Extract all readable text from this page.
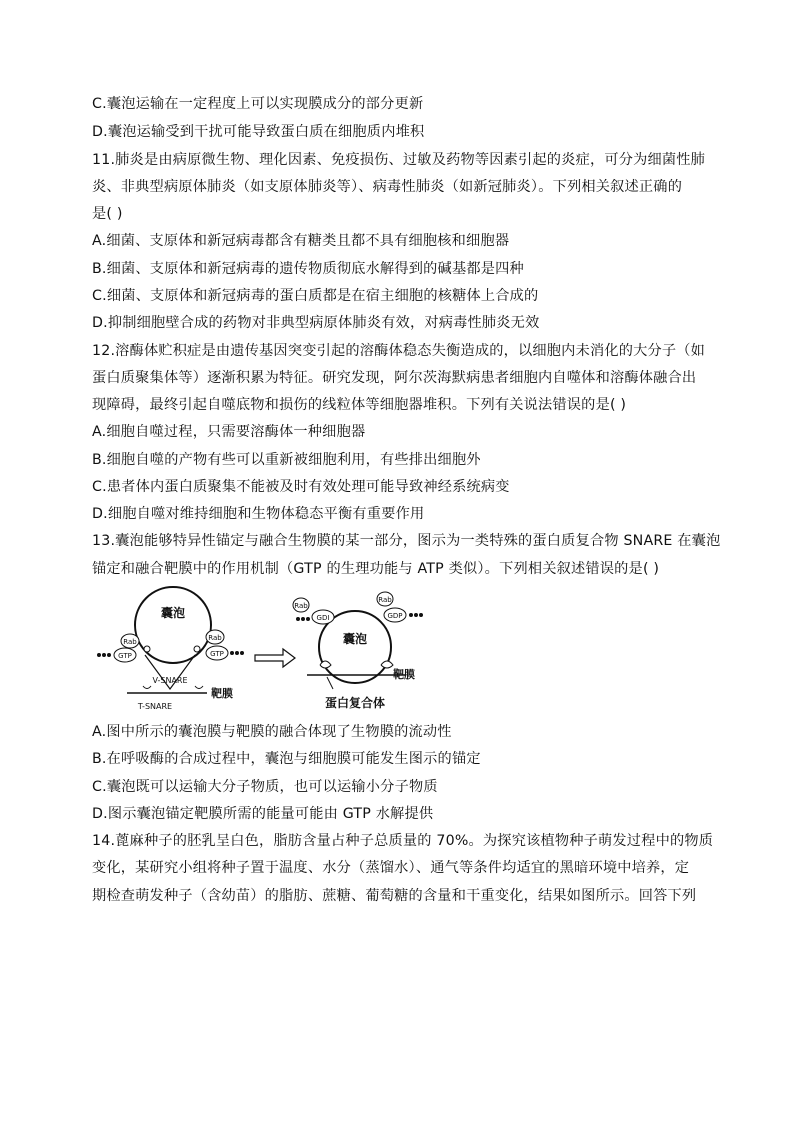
C.囊泡运输在一定程度上可以实现膜成分的部分更新
D.囊泡运输受到干扰可能导致蛋白质在细胞质内堆积
11.肺炎是由病原微生物、理化因素、免疫损伤、过敏及药物等因素引起的炎症，可分为细菌性肺
炎、非典型病原体肺炎（如支原体肺炎等）、病毒性肺炎（如新冠肺炎）。下列相关叙述正确的
是( )
A.细菌、支原体和新冠病毒都含有糖类且都不具有细胞核和细胞器
B.细菌、支原体和新冠病毒的遗传物质彻底水解得到的碱基都是四种
C.细菌、支原体和新冠病毒的蛋白质都是在宿主细胞的核糖体上合成的
D.抑制细胞壁合成的药物对非典型病原体肺炎有效，对病毒性肺炎无效
12.溶酶体贮积症是由遗传基因突变引起的溶酶体稳态失衡造成的，以细胞内未消化的大分子（如
蛋白质聚集体等）逐渐积累为特征。研究发现，阿尔茨海默病患者细胞内自噬体和溶酶体融合出
现障碍，最终引起自噬底物和损伤的线粒体等细胞器堆积。下列有关说法错误的是( )
A.细胞自噬过程，只需要溶酶体一种细胞器
B.细胞自噬的产物有些可以重新被细胞利用，有些排出细胞外
C.患者体内蛋白质聚集不能被及时有效处理可能导致神经系统病变
D.细胞自噬对维持细胞和生物体稳态平衡有重要作用
13.囊泡能够特异性锚定与融合生物膜的某一部分，图示为一类特殊的蛋白质复合物 SNARE 在囊泡
锚定和融合靶膜中的作用机制（GTP 的生理功能与 ATP 类似）。下列相关叙述错误的是( )
囊泡
Rab
GTP
Rab
GTP
V-SNARE
靶膜
T-SNARE
囊泡
Rab
GDI
Rab
GDP
靶膜
蛋白复合体
A.图中所示的囊泡膜与靶膜的融合体现了生物膜的流动性
B.在呼吸酶的合成过程中，囊泡与细胞膜可能发生图示的锚定
C.囊泡既可以运输大分子物质，也可以运输小分子物质
D.图示囊泡锚定靶膜所需的能量可能由 GTP 水解提供
14.蓖麻种子的胚乳呈白色，脂肪含量占种子总质量的 70%。为探究该植物种子萌发过程中的物质
变化，某研究小组将种子置于温度、水分（蒸馏水）、通气等条件均适宜的黑暗环境中培养，定
期检查萌发种子（含幼苗）的脂肪、蔗糖、葡萄糖的含量和干重变化，结果如图所示。回答下列
